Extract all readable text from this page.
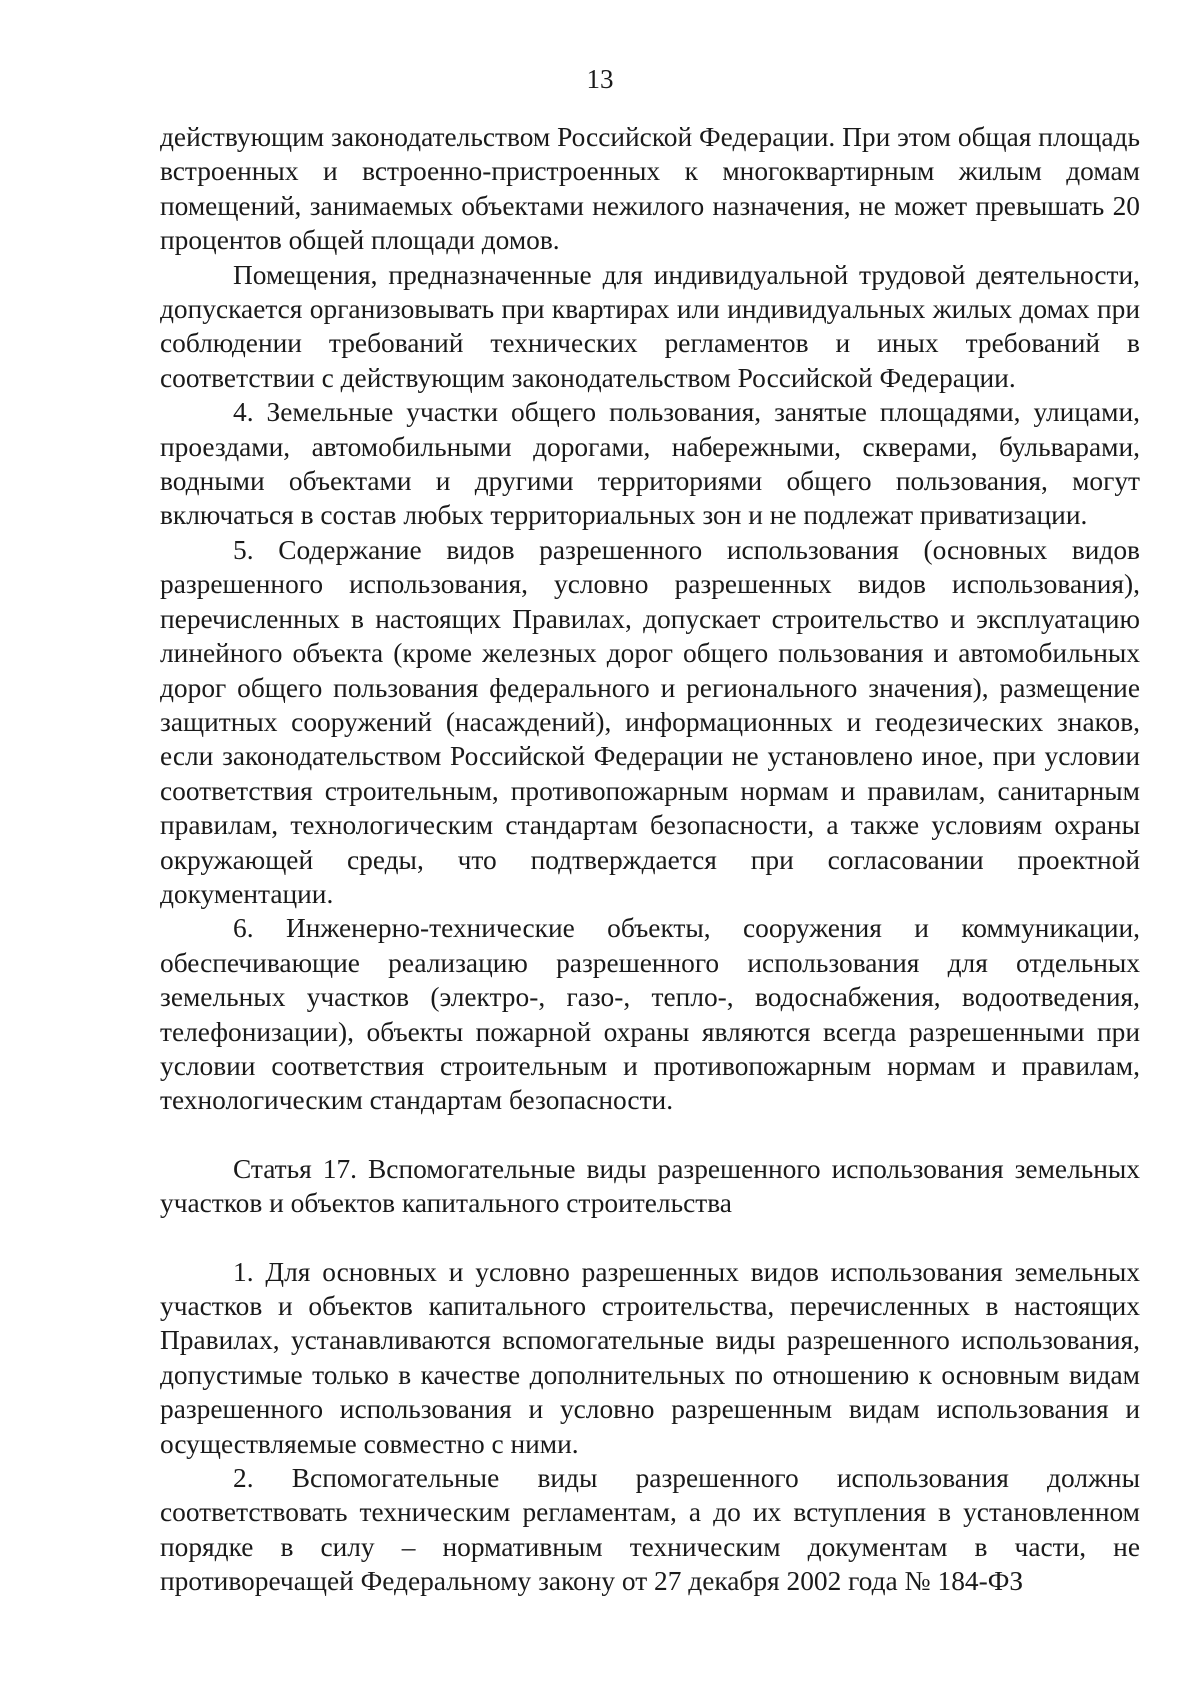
13

действующим законодательством Российской Федерации. При этом общая площадь встроенных и встроенно-пристроенных к многоквартирным жилым домам помещений, занимаемых объектами нежилого назначения, не может превышать 20 процентов общей площади домов.

Помещения, предназначенные для индивидуальной трудовой деятельности, допускается организовывать при квартирах или индивидуальных жилых домах при соблюдении требований технических регламентов и иных требований в соответствии с действующим законодательством Российской Федерации.

4. Земельные участки общего пользования, занятые площадями, улицами, проездами, автомобильными дорогами, набережными, скверами, бульварами, водными объектами и другими территориями общего пользования, могут включаться в состав любых территориальных зон и не подлежат приватизации.

5. Содержание видов разрешенного использования (основных видов разрешенного использования, условно разрешенных видов использования), перечисленных в настоящих Правилах, допускает строительство и эксплуатацию линейного объекта (кроме железных дорог общего пользования и автомобильных дорог общего пользования федерального и регионального значения), размещение защитных сооружений (насаждений), информационных и геодезических знаков, если законодательством Российской Федерации не установлено иное, при условии соответствия строительным, противопожарным нормам и правилам, санитарным правилам, технологическим стандартам безопасности, а также условиям охраны окружающей среды, что подтверждается при согласовании проектной документации.

6. Инженерно-технические объекты, сооружения и коммуникации, обеспечивающие реализацию разрешенного использования для отдельных земельных участков (электро-, газо-, тепло-, водоснабжения, водоотведения, телефонизации), объекты пожарной охраны являются всегда разрешенными при условии соответствия строительным и противопожарным нормам и правилам, технологическим стандартам безопасности.

Статья 17. Вспомогательные виды разрешенного использования земельных участков и объектов капитального строительства

1. Для основных и условно разрешенных видов использования земельных участков и объектов капитального строительства, перечисленных в настоящих Правилах, устанавливаются вспомогательные виды разрешенного использования, допустимые только в качестве дополнительных по отношению к основным видам разрешенного использования и условно разрешенным видам использования и осуществляемые совместно с ними.

2. Вспомогательные виды разрешенного использования должны соответствовать техническим регламентам, а до их вступления в установленном порядке в силу – нормативным техническим документам в части, не противоречащей Федеральному закону от 27 декабря 2002 года № 184-ФЗ
